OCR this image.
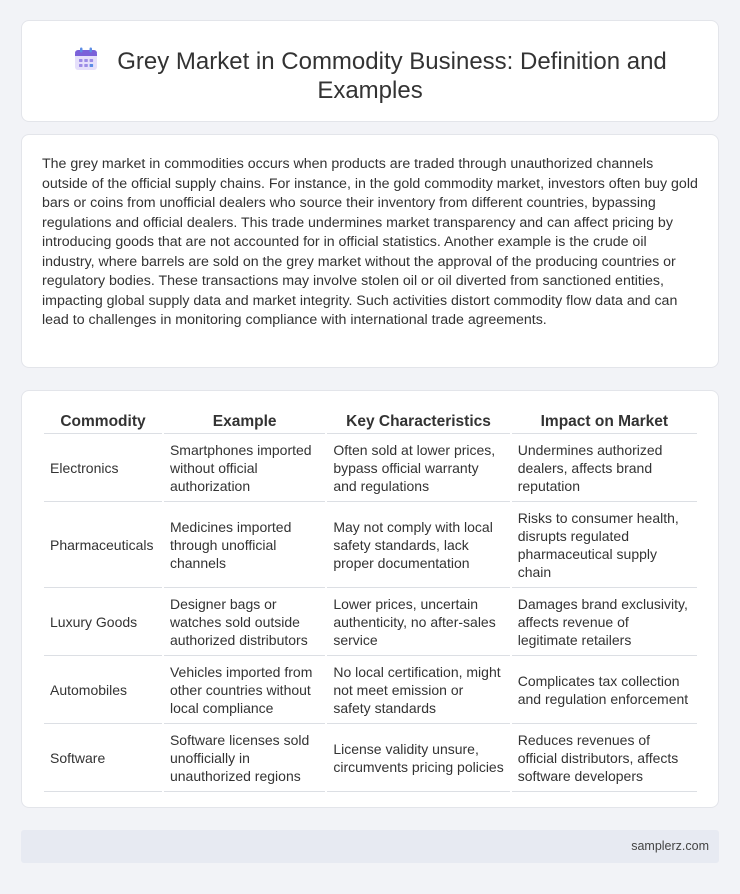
Grey Market in Commodity Business: Definition and Examples

The grey market in commodities occurs when products are traded through unauthorized channels outside of the official supply chains. For instance, in the gold commodity market, investors often buy gold bars or coins from unofficial dealers who source their inventory from different countries, bypassing regulations and official dealers. This trade undermines market transparency and can affect pricing by introducing goods that are not accounted for in official statistics. Another example is the crude oil industry, where barrels are sold on the grey market without the approval of the producing countries or regulatory bodies. These transactions may involve stolen oil or oil diverted from sanctioned entities, impacting global supply data and market integrity. Such activities distort commodity flow data and can lead to challenges in monitoring compliance with international trade agreements.

Commodity	Example	Key Characteristics	Impact on Market
Electronics	Smartphones imported without official authorization	Often sold at lower prices, bypass official warranty and regulations	Undermines authorized dealers, affects brand reputation
Pharmaceuticals	Medicines imported through unofficial channels	May not comply with local safety standards, lack proper documentation	Risks to consumer health, disrupts regulated pharmaceutical supply chain
Luxury Goods	Designer bags or watches sold outside authorized distributors	Lower prices, uncertain authenticity, no after-sales service	Damages brand exclusivity, affects revenue of legitimate retailers
Automobiles	Vehicles imported from other countries without local compliance	No local certification, might not meet emission or safety standards	Complicates tax collection and regulation enforcement
Software	Software licenses sold unofficially in unauthorized regions	License validity unsure, circumvents pricing policies	Reduces revenues of official distributors, affects software developers
samplerz.com
